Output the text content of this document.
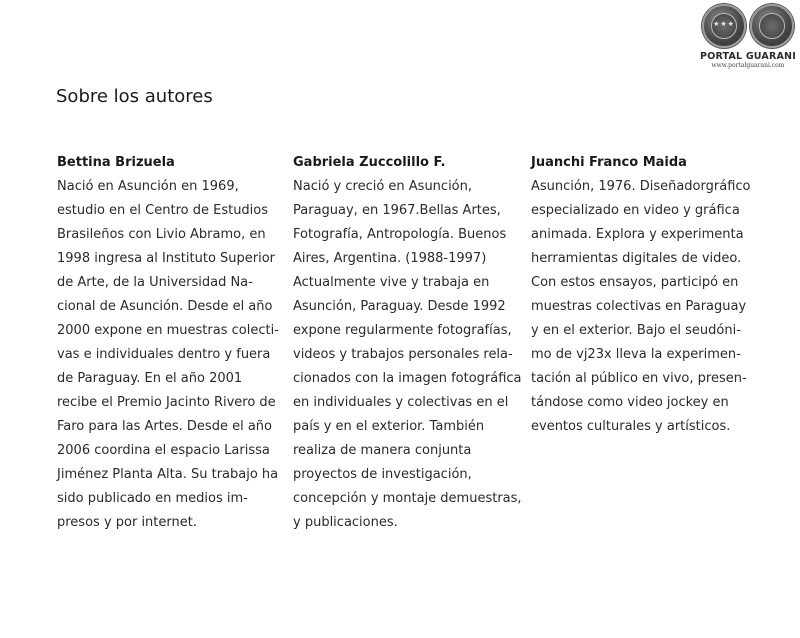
★★★
PORTAL GUARANI
www.portalguarani.com
Sobre los autores
Bettina Brizuela
Nació en Asunción en 1969,
estudio en el Centro de Estudios
Brasileños con Livio Abramo, en
1998 ingresa al Instituto Superior
de Arte, de la Universidad Na-
cional de Asunción. Desde el año
2000 expone en muestras colecti-
vas e individuales dentro y fuera
de Paraguay. En el año 2001
recibe el Premio Jacinto Rivero de
Faro para las Artes. Desde el año
2006 coordina el espacio Larissa
Jiménez Planta Alta. Su trabajo ha
sido publicado en medios im-
presos y por internet.
Gabriela Zuccolillo F.
Nació y creció en Asunción,
Paraguay, en 1967.Bellas Artes,
Fotografía, Antropología. Buenos
Aires, Argentina. (1988-1997)
Actualmente vive y trabaja en
Asunción, Paraguay. Desde 1992
expone regularmente fotografías,
videos y trabajos personales rela-
cionados con la imagen fotográfica
en individuales y colectivas en el
país y en el exterior. También
realiza de manera conjunta
proyectos de investigación,
concepción y montaje demuestras,
y publicaciones.
Juanchi Franco Maida
Asunción, 1976. Diseñadorgráfico
especializado en video y gráfica
animada. Explora y experimenta
herramientas digitales de video.
Con estos ensayos, participó en
muestras colectivas en Paraguay
y en el exterior. Bajo el seudóni-
mo de vj23x lleva la experimen-
tación al público en vivo, presen-
tándose como video jockey en
eventos culturales y artísticos.
